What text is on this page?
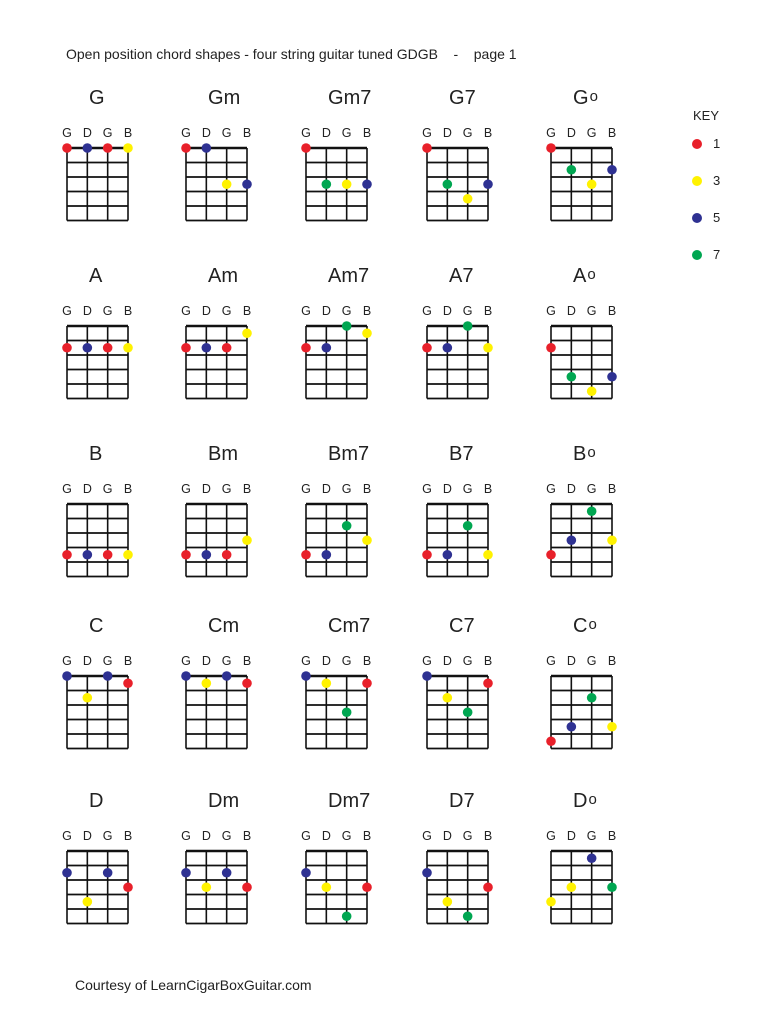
Open position chord shapes - four string guitar tuned GDGB    -    page 1
G
G D G B
Gm
G D G B
Gm7
G D G B
G7
G D G B
$G^o$
G D G B
A
G D G B
Am
G D G B
Am7
G D G B
A7
G D G B
$A^o$
G D G B
B
G D G B
Bm
G D G B
Bm7
G D G B
B7
G D G B
$B^o$
G D G B
C
G D G B
Cm
G D G B
Cm7
G D G B
C7
G D G B
$C^o$
G D G B
D
G D G B
Dm
G D G B
Dm7
G D G B
D7
G D G B
$D^o$
G D G B
KEY
1
3
5
7
Courtesy of LearnCigarBoxGuitar.com
